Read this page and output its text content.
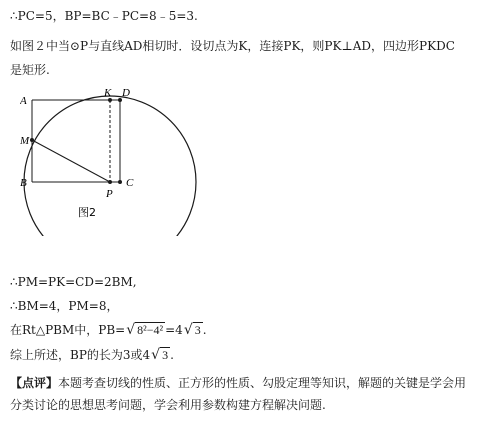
∴PC=5，BP=BC﹣PC=8﹣5=3.
如图２中当⊙P与直线AD相切时．设切点为K，连接PK，则PK⊥AD，四边形PKDC
是矩形.
A
K D
M
B
P
C
图2
∴PM=PK=CD=2BM,
∴BM=4，PM=8，
在Rt△PBM中，PB=√ 8²−4² =4√ 3 .
综上所述，BP的长为3或4√ 3 .
【点评】本题考查切线的性质、正方形的性质、勾股定理等知识，解题的关键是学会用分类讨论的思想思考问题，学会利用参数构建方程解决问题.
